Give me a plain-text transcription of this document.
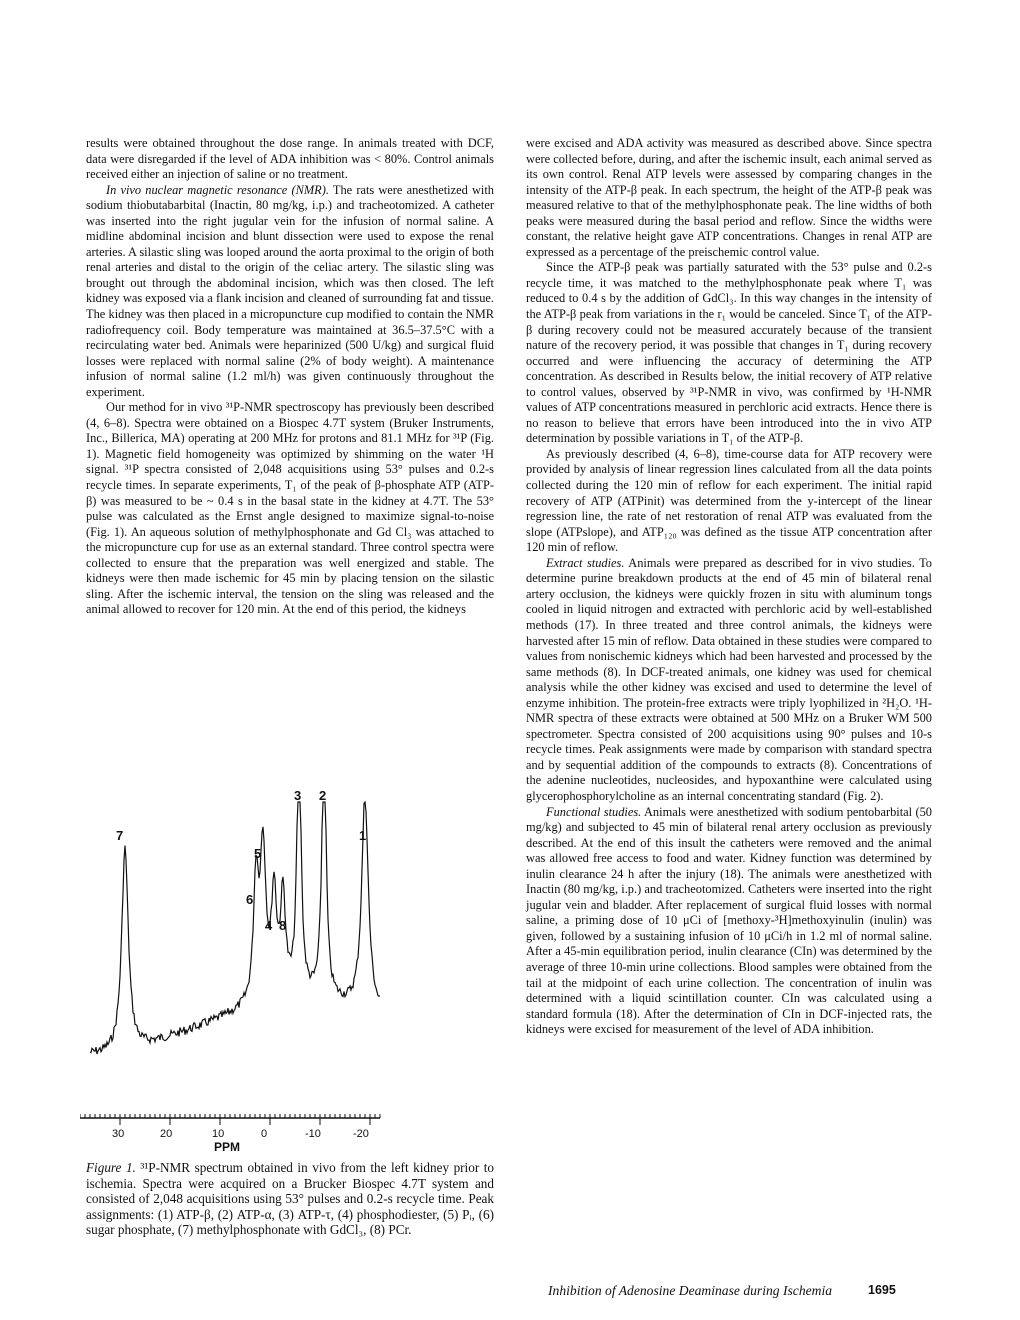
results were obtained throughout the dose range. In animals treated with DCF, data were disregarded if the level of ADA inhibition was < 80%. Control animals received either an injection of saline or no treatment.

In vivo nuclear magnetic resonance (NMR). The rats were anesthetized with sodium thiobutabarbital (Inactin, 80 mg/kg, i.p.) and tracheotomized. A catheter was inserted into the right jugular vein for the infusion of normal saline. A midline abdominal incision and blunt dissection were used to expose the renal arteries. A silastic sling was looped around the aorta proximal to the origin of both renal arteries and distal to the origin of the celiac artery. The silastic sling was brought out through the abdominal incision, which was then closed. The left kidney was exposed via a flank incision and cleaned of surrounding fat and tissue. The kidney was then placed in a micropuncture cup modified to contain the NMR radiofrequency coil. Body temperature was maintained at 36.5–37.5°C with a recirculating water bed. Animals were heparinized (500 U/kg) and surgical fluid losses were replaced with normal saline (2% of body weight). A maintenance infusion of normal saline (1.2 ml/h) was given continuously throughout the experiment.

Our method for in vivo ³¹P-NMR spectroscopy has previously been described (4, 6–8). Spectra were obtained on a Biospec 4.7T system (Bruker Instruments, Inc., Billerica, MA) operating at 200 MHz for protons and 81.1 MHz for ³¹P (Fig. 1). Magnetic field homogeneity was optimized by shimming on the water ¹H signal. ³¹P spectra consisted of 2,048 acquisitions using 53° pulses and 0.2-s recycle times. In separate experiments, T₁ of the peak of β-phosphate ATP (ATP-β) was measured to be ~ 0.4 s in the basal state in the kidney at 4.7T. The 53° pulse was calculated as the Ernst angle designed to maximize signal-to-noise (Fig. 1). An aqueous solution of methylphosphonate and Gd Cl₃ was attached to the micropuncture cup for use as an external standard. Three control spectra were collected to ensure that the preparation was well energized and stable. The kidneys were then made ischemic for 45 min by placing tension on the silastic sling. After the ischemic interval, the tension on the sling was released and the animal allowed to recover for 120 min. At the end of this period, the kidneys

3 2
7	1
5
6
4 8
30	20	10	0	-10	-20
PPM
Figure 1. ³¹P-NMR spectrum obtained in vivo from the left kidney prior to ischemia. Spectra were acquired on a Brucker Biospec 4.7T system and consisted of 2,048 acquisitions using 53° pulses and 0.2-s recycle time. Peak assignments: (1) ATP-β, (2) ATP-α, (3) ATP-τ, (4) phosphodiester, (5) Pᵢ, (6) sugar phosphate, (7) methylphosphonate with GdCl₃, (8) PCr.

were excised and ADA activity was measured as described above. Since spectra were collected before, during, and after the ischemic insult, each animal served as its own control. Renal ATP levels were assessed by comparing changes in the intensity of the ATP-β peak. In each spectrum, the height of the ATP-β peak was measured relative to that of the methylphosphonate peak. The line widths of both peaks were measured during the basal period and reflow. Since the widths were constant, the relative height gave ATP concentrations. Changes in renal ATP are expressed as a percentage of the preischemic control value.

Since the ATP-β peak was partially saturated with the 53° pulse and 0.2-s recycle time, it was matched to the methylphosphonate peak where T₁ was reduced to 0.4 s by the addition of GdCl₃. In this way changes in the intensity of the ATP-β peak from variations in the r₁ would be canceled. Since T₁ of the ATP-β during recovery could not be measured accurately because of the transient nature of the recovery period, it was possible that changes in T₁ during recovery occurred and were influencing the accuracy of determining the ATP concentration. As described in Results below, the initial recovery of ATP relative to control values, observed by ³¹P-NMR in vivo, was confirmed by ¹H-NMR values of ATP concentrations measured in perchloric acid extracts. Hence there is no reason to believe that errors have been introduced into the in vivo ATP determination by possible variations in T₁ of the ATP-β.

As previously described (4, 6–8), time-course data for ATP recovery were provided by analysis of linear regression lines calculated from all the data points collected during the 120 min of reflow for each experiment. The initial rapid recovery of ATP (ATPinit) was determined from the y-intercept of the linear regression line, the rate of net restoration of renal ATP was evaluated from the slope (ATPslope), and ATP₁₂₀ was defined as the tissue ATP concentration after 120 min of reflow.

Extract studies. Animals were prepared as described for in vivo studies. To determine purine breakdown products at the end of 45 min of bilateral renal artery occlusion, the kidneys were quickly frozen in situ with aluminum tongs cooled in liquid nitrogen and extracted with perchloric acid by well-established methods (17). In three treated and three control animals, the kidneys were harvested after 15 min of reflow. Data obtained in these studies were compared to values from nonischemic kidneys which had been harvested and processed by the same methods (8). In DCF-treated animals, one kidney was used for chemical analysis while the other kidney was excised and used to determine the level of enzyme inhibition. The protein-free extracts were triply lyophilized in ²H₂O. ¹H-NMR spectra of these extracts were obtained at 500 MHz on a Bruker WM 500 spectrometer. Spectra consisted of 200 acquisitions using 90° pulses and 10-s recycle times. Peak assignments were made by comparison with standard spectra and by sequential addition of the compounds to extracts (8). Concentrations of the adenine nucleotides, nucleosides, and hypoxanthine were calculated using glycerophosphorylcholine as an internal concentrating standard (Fig. 2).

Functional studies. Animals were anesthetized with sodium pentobarbital (50 mg/kg) and subjected to 45 min of bilateral renal artery occlusion as previously described. At the end of this insult the catheters were removed and the animal was allowed free access to food and water. Kidney function was determined by inulin clearance 24 h after the injury (18). The animals were anesthetized with Inactin (80 mg/kg, i.p.) and tracheotomized. Catheters were inserted into the right jugular vein and bladder. After replacement of surgical fluid losses with normal saline, a priming dose of 10 μCi of [methoxy-³H]methoxyinulin (inulin) was given, followed by a sustaining infusion of 10 μCi/h in 1.2 ml of normal saline. After a 45-min equilibration period, inulin clearance (CIn) was determined by the average of three 10-min urine collections. Blood samples were obtained from the tail at the midpoint of each urine collection. The concentration of inulin was determined with a liquid scintillation counter. CIn was calculated using a standard formula (18). After the determination of CIn in DCF-injected rats, the kidneys were excised for measurement of the level of ADA inhibition.

Inhibition of Adenosine Deaminase during Ischemia	1695
